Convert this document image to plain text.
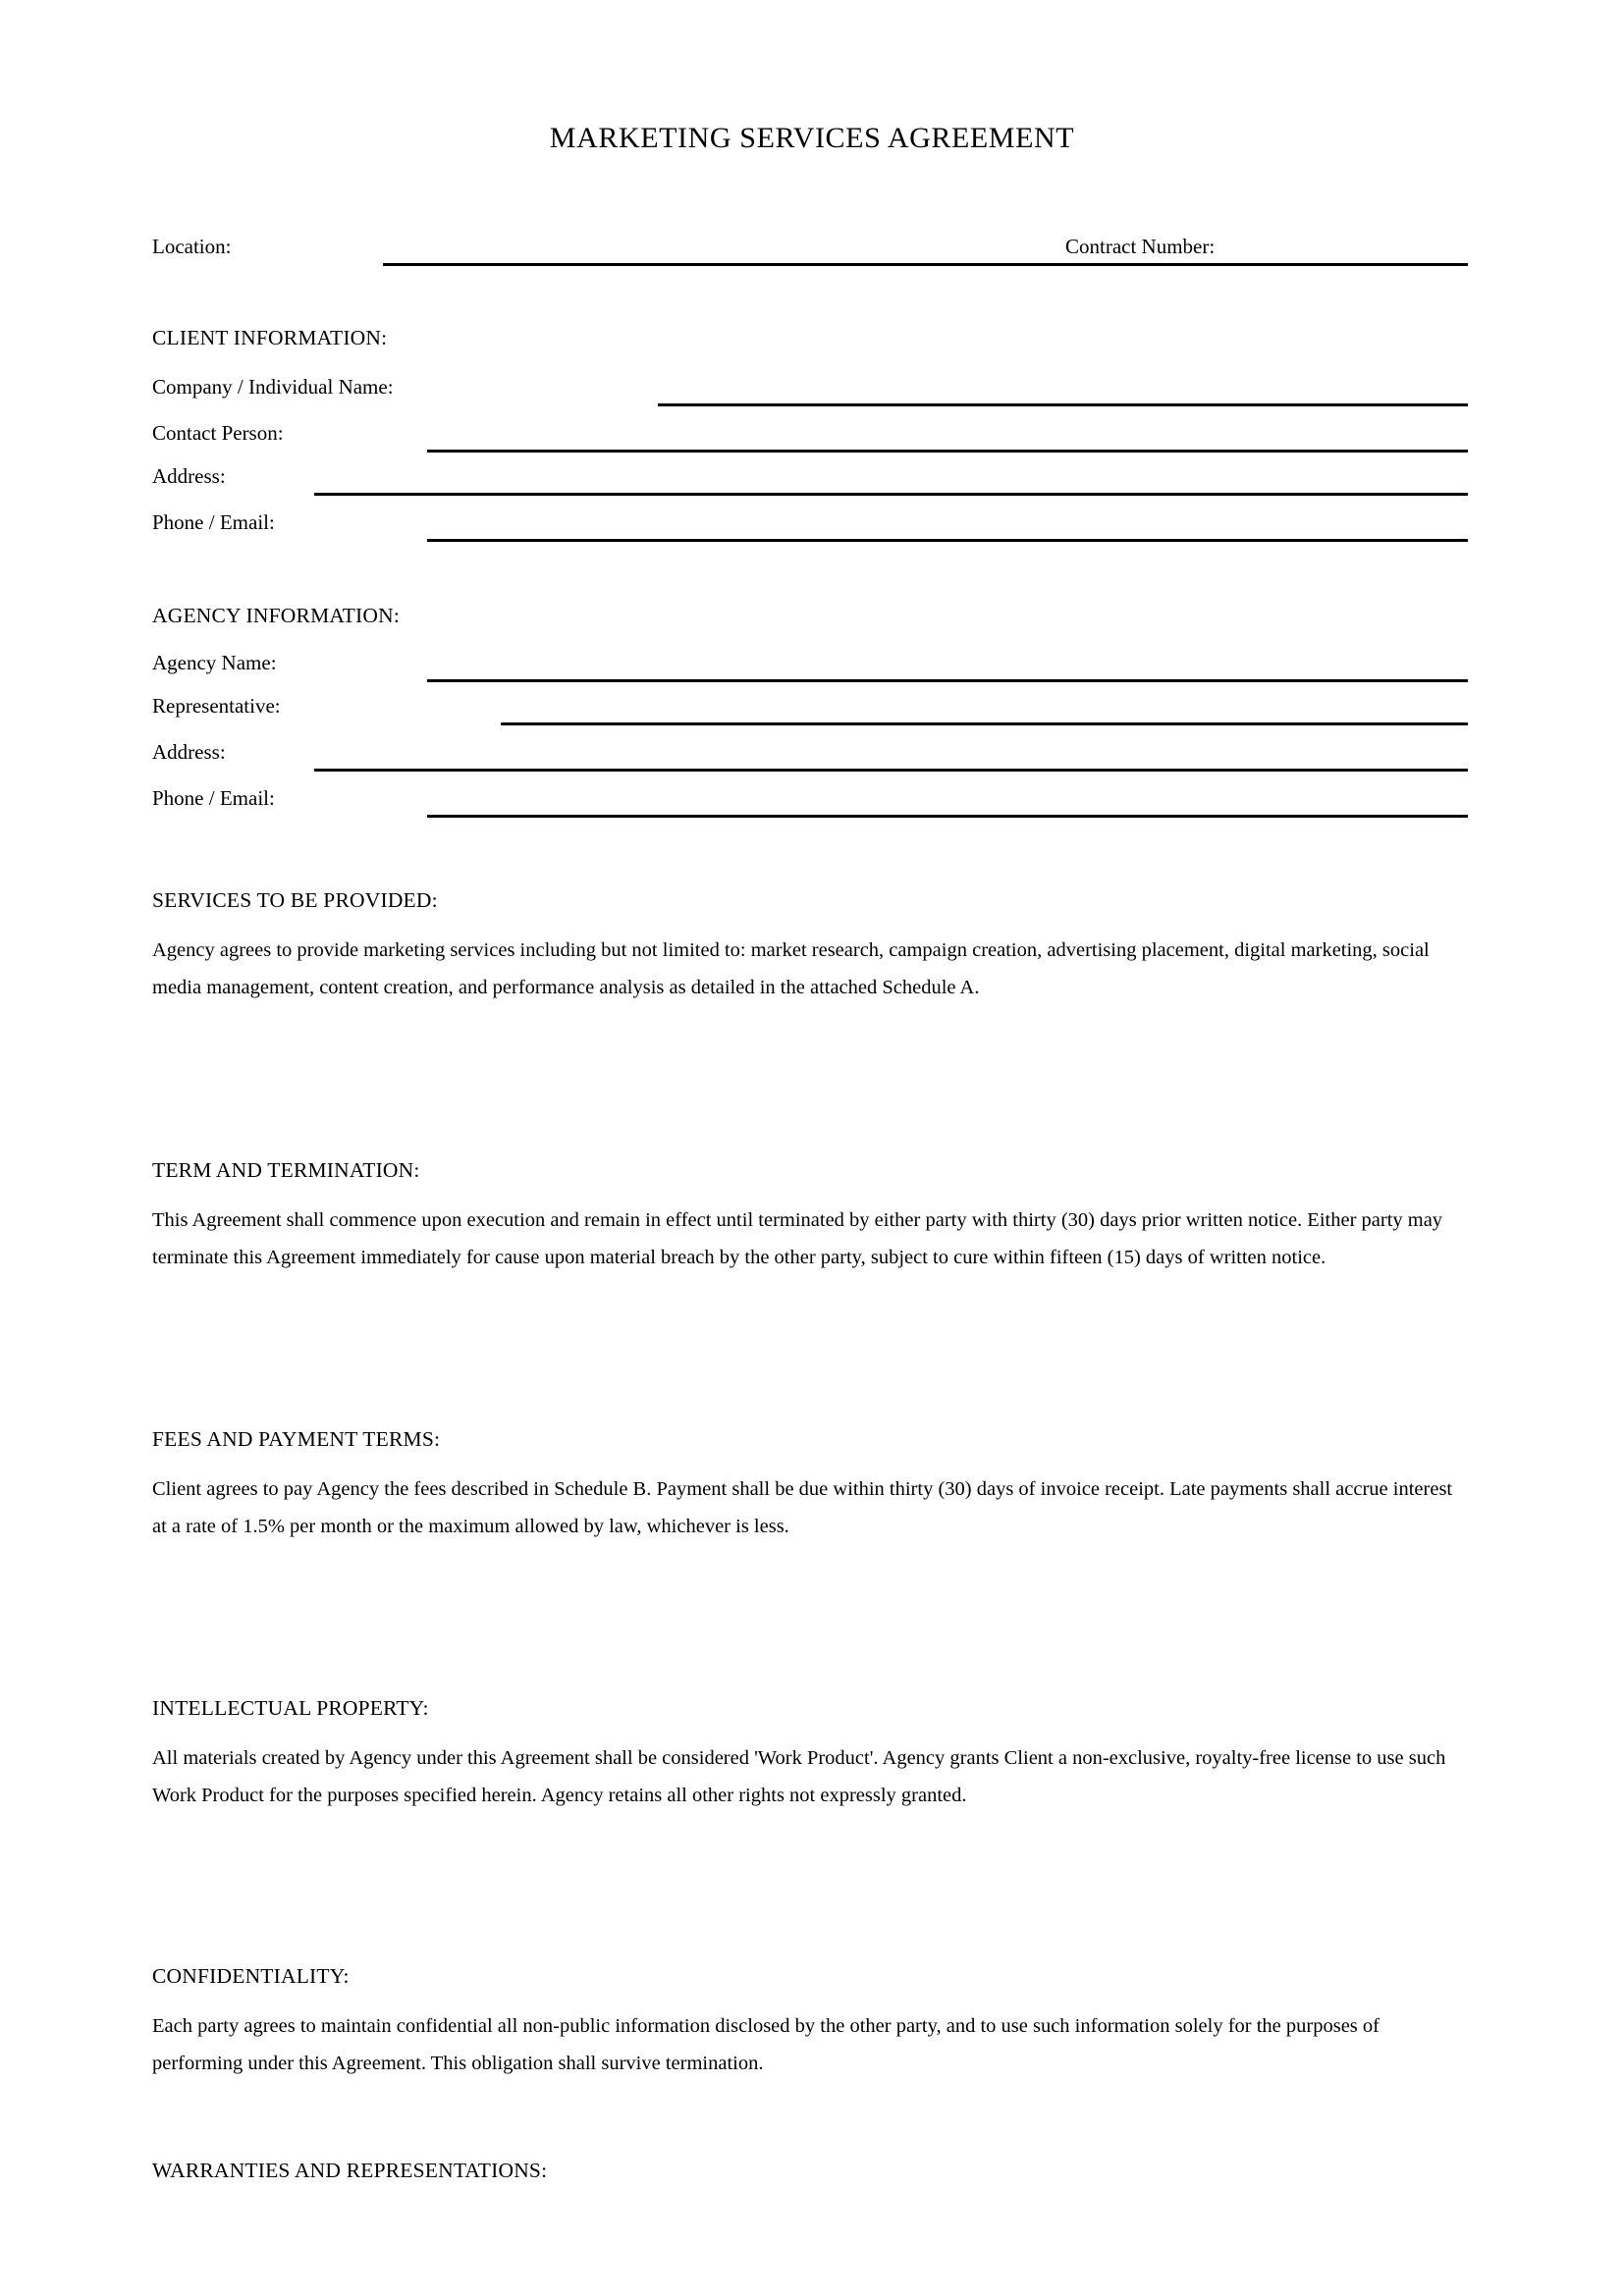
MARKETING SERVICES AGREEMENT
Location:	Contract Number:
CLIENT INFORMATION:
Company / Individual Name:
Contact Person:
Address:
Phone / Email:
AGENCY INFORMATION:
Agency Name:
Representative:
Address:
Phone / Email:
SERVICES TO BE PROVIDED:
Agency agrees to provide marketing services including but not limited to: market research, campaign creation, advertising placement, digital marketing, social media management, content creation, and performance analysis as detailed in the attached Schedule A.
TERM AND TERMINATION:
This Agreement shall commence upon execution and remain in effect until terminated by either party with thirty (30) days prior written notice. Either party may terminate this Agreement immediately for cause upon material breach by the other party, subject to cure within fifteen (15) days of written notice.
FEES AND PAYMENT TERMS:
Client agrees to pay Agency the fees described in Schedule B. Payment shall be due within thirty (30) days of invoice receipt. Late payments shall accrue interest at a rate of 1.5% per month or the maximum allowed by law, whichever is less.
INTELLECTUAL PROPERTY:
All materials created by Agency under this Agreement shall be considered 'Work Product'. Agency grants Client a non-exclusive, royalty-free license to use such Work Product for the purposes specified herein. Agency retains all other rights not expressly granted.
CONFIDENTIALITY:
Each party agrees to maintain confidential all non-public information disclosed by the other party, and to use such information solely for the purposes of performing under this Agreement. This obligation shall survive termination.
WARRANTIES AND REPRESENTATIONS:
